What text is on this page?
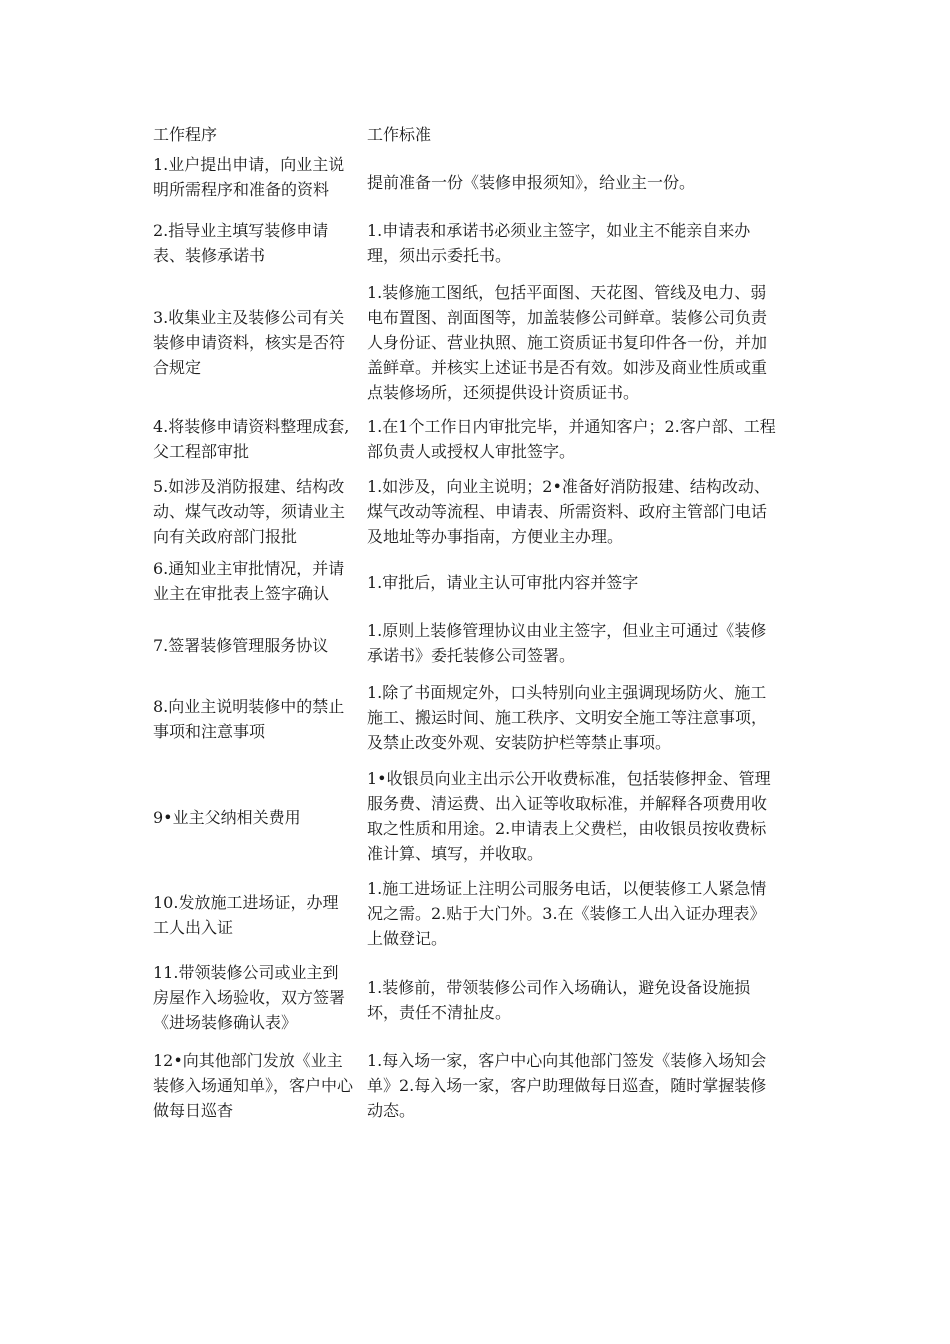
工作程序	工作标准
1.业户提出申请，向业主说明所需程序和准备的资料	提前准备一份《装修申报须知》，给业主一份。
2.指导业主填写装修申请表、装修承诺书
1.申请表和承诺书必须业主签字，如业主不能亲自来办理，须出示委托书。
3.收集业主及装修公司有关装修申请资料，核实是否符合规定
1.装修施工图纸，包括平面图、天花图、管线及电力、弱电布置图、剖面图等，加盖装修公司鲜章。装修公司负责人身份证、营业执照、施工资质证书复印件各一份，并加盖鲜章。并核实上述证书是否有效。如涉及商业性质或重点装修场所，还须提供设计资质证书。
4.将装修申请资料整理成套,父工程部审批
1.在1个工作日内审批完毕，并通知客户；2.客户部、工程部负责人或授权人审批签字。
5.如涉及消防报建、结构改动、煤气改动等，须请业主向有关政府部门报批
1.如涉及，向业主说明；2•准备好消防报建、结构改动、煤气改动等流程、申请表、所需资料、政府主管部门电话及地址等办事指南，方便业主办理。
6.通知业主审批情况，并请业主在审批表上签字确认
1.审批后，请业主认可审批内容并签字
7.签署装修管理服务协议
1.原则上装修管理协议由业主签字，但业主可通过《装修承诺书》委托装修公司签署。
8.向业主说明装修中的禁止事项和注意事项
1.除了书面规定外，口头特别向业主强调现场防火、施工施工、搬运时间、施工秩序、文明安全施工等注意事项，及禁止改变外观、安装防护栏等禁止事项。
9•业主父纳相关费用
1•收银员向业主出示公开收费标准，包括装修押金、管理服务费、清运费、出入证等收取标准，并解释各项费用收取之性质和用途。2.申请表上父费栏，由收银员按收费标准计算、填写，并收取。
10.发放施工进场证，办理工人出入证
1.施工进场证上注明公司服务电话，以便装修工人紧急情况之需。2.贴于大门外。3.在《装修工人出入证办理表》上做登记。
11.带领装修公司或业主到房屋作入场验收，双方签署《进场装修确认表》
1.装修前，带领装修公司作入场确认，避免设备设施损坏，责任不清扯皮。
12•向其他部门发放《业主装修入场通知单》，客户中心做每日巡杳
1.每入场一家，客户中心向其他部门签发《装修入场知会单》2.每入场一家，客户助理做每日巡查，随时掌握装修动态。
